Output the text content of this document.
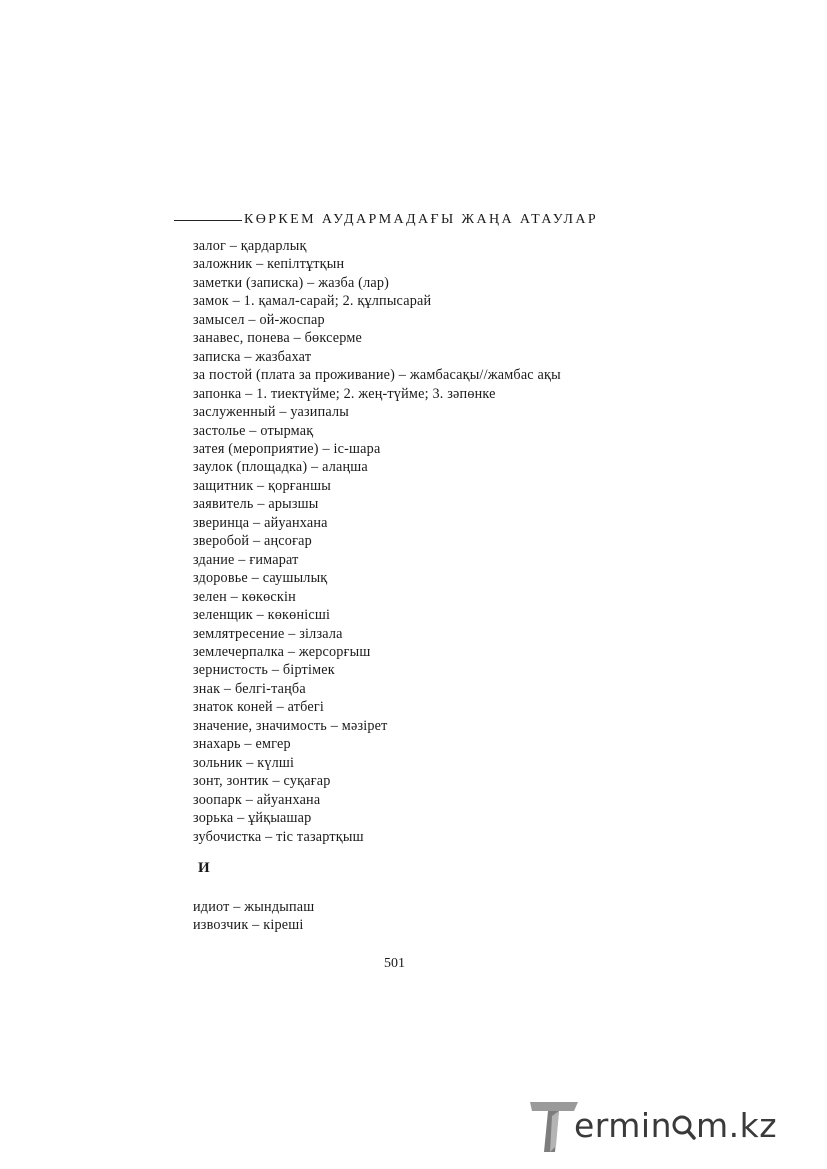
КӨРКЕМ АУДАРМАДАҒЫ ЖАҢА АТАУЛАР
залог – қардарлық
заложник – кепілтұтқын
заметки (записка) – жазба (лар)
замок – 1. қамал-сарай; 2. құлпысарай
замысел – ой-жоспар
занавес, понева – бөксерме
записка – жазбахат
за постой (плата за проживание) – жамбасақы//жамбас ақы
запонка – 1. тиектүйме; 2. жең-түйме; 3. зәпөнке
заслуженный – уазипалы
застолье – отырмақ
затея (мероприятие) – іс-шара
заулок (площадка) – алаңша
защитник – қорғаншы
заявитель – арызшы
зверинца – айуанхана
зверобой – аңсоғар
здание – ғимарат
здоровье – саушылық
зелен – көкөскін
зеленщик – көкөнісші
землятресение – зілзала
землечерпалка – жерсорғыш
зернистость – біртімек
знак – белгі-таңба
знаток коней – атбегі
значение, значимость – мәзірет
знахарь – емгер
зольник – күлші
зонт, зонтик – суқағар
зоопарк – айуанхана
зорька – ұйқыашар
зубочистка – тіс тазартқыш
И
идиот – жындыпаш
извозчик – кіреші
501
ermin m.kz
